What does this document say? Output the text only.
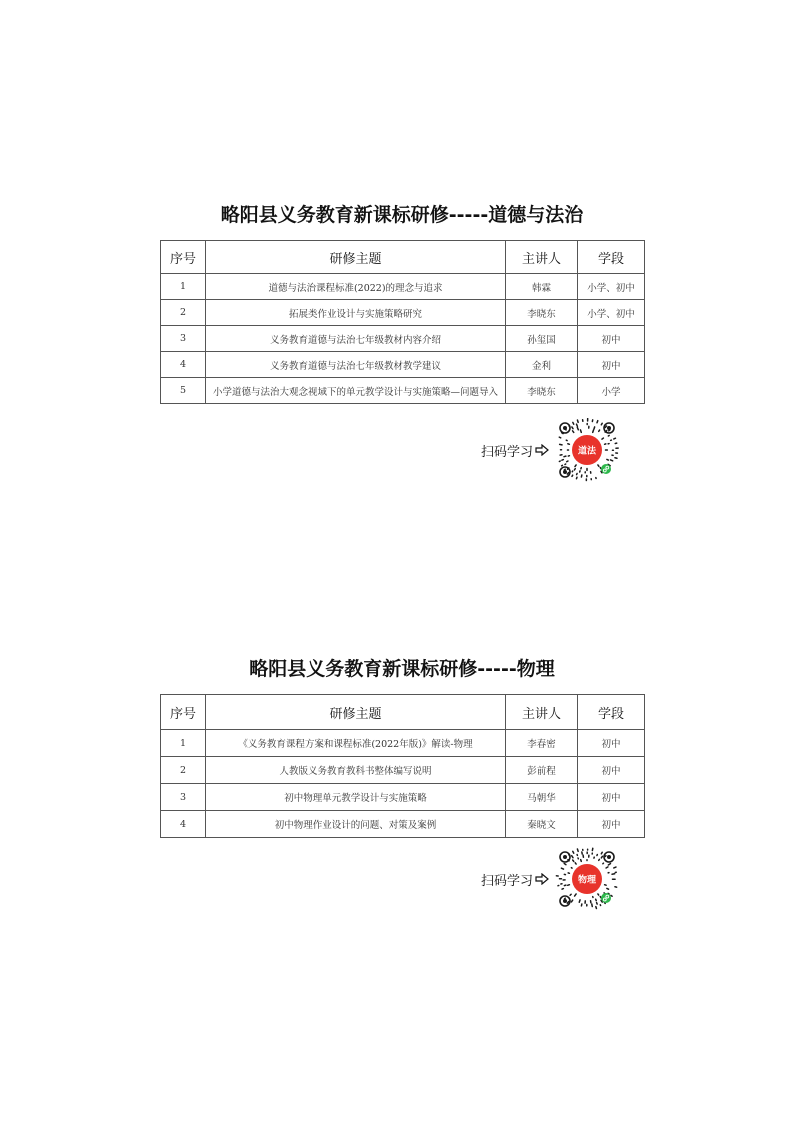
略阳县义务教育新课标研修-----道德与法治
序号	研修主题	主讲人	学段
1	道德与法治课程标准(2022)的理念与追求	韩霖	小学、初中
2	拓展类作业设计与实施策略研究	李晓东	小学、初中
3	义务教育道德与法治七年级教材内容介绍	孙玺国	初中
4	义务教育道德与法治七年级教材教学建议	金利	初中
5	小学道德与法治大观念视域下的单元教学设计与实施策略—问题导入	李晓东	小学
扫码学习	道法
略阳县义务教育新课标研修-----物理
序号	研修主题	主讲人	学段
1	《义务教育课程方案和课程标准(2022年版)》解读-物理	李春密	初中
2	人教版义务教育教科书整体编写说明	彭前程	初中
3	初中物理单元教学设计与实施策略	马朝华	初中
4	初中物理作业设计的问题、对策及案例	秦晓文	初中
扫码学习	物理
